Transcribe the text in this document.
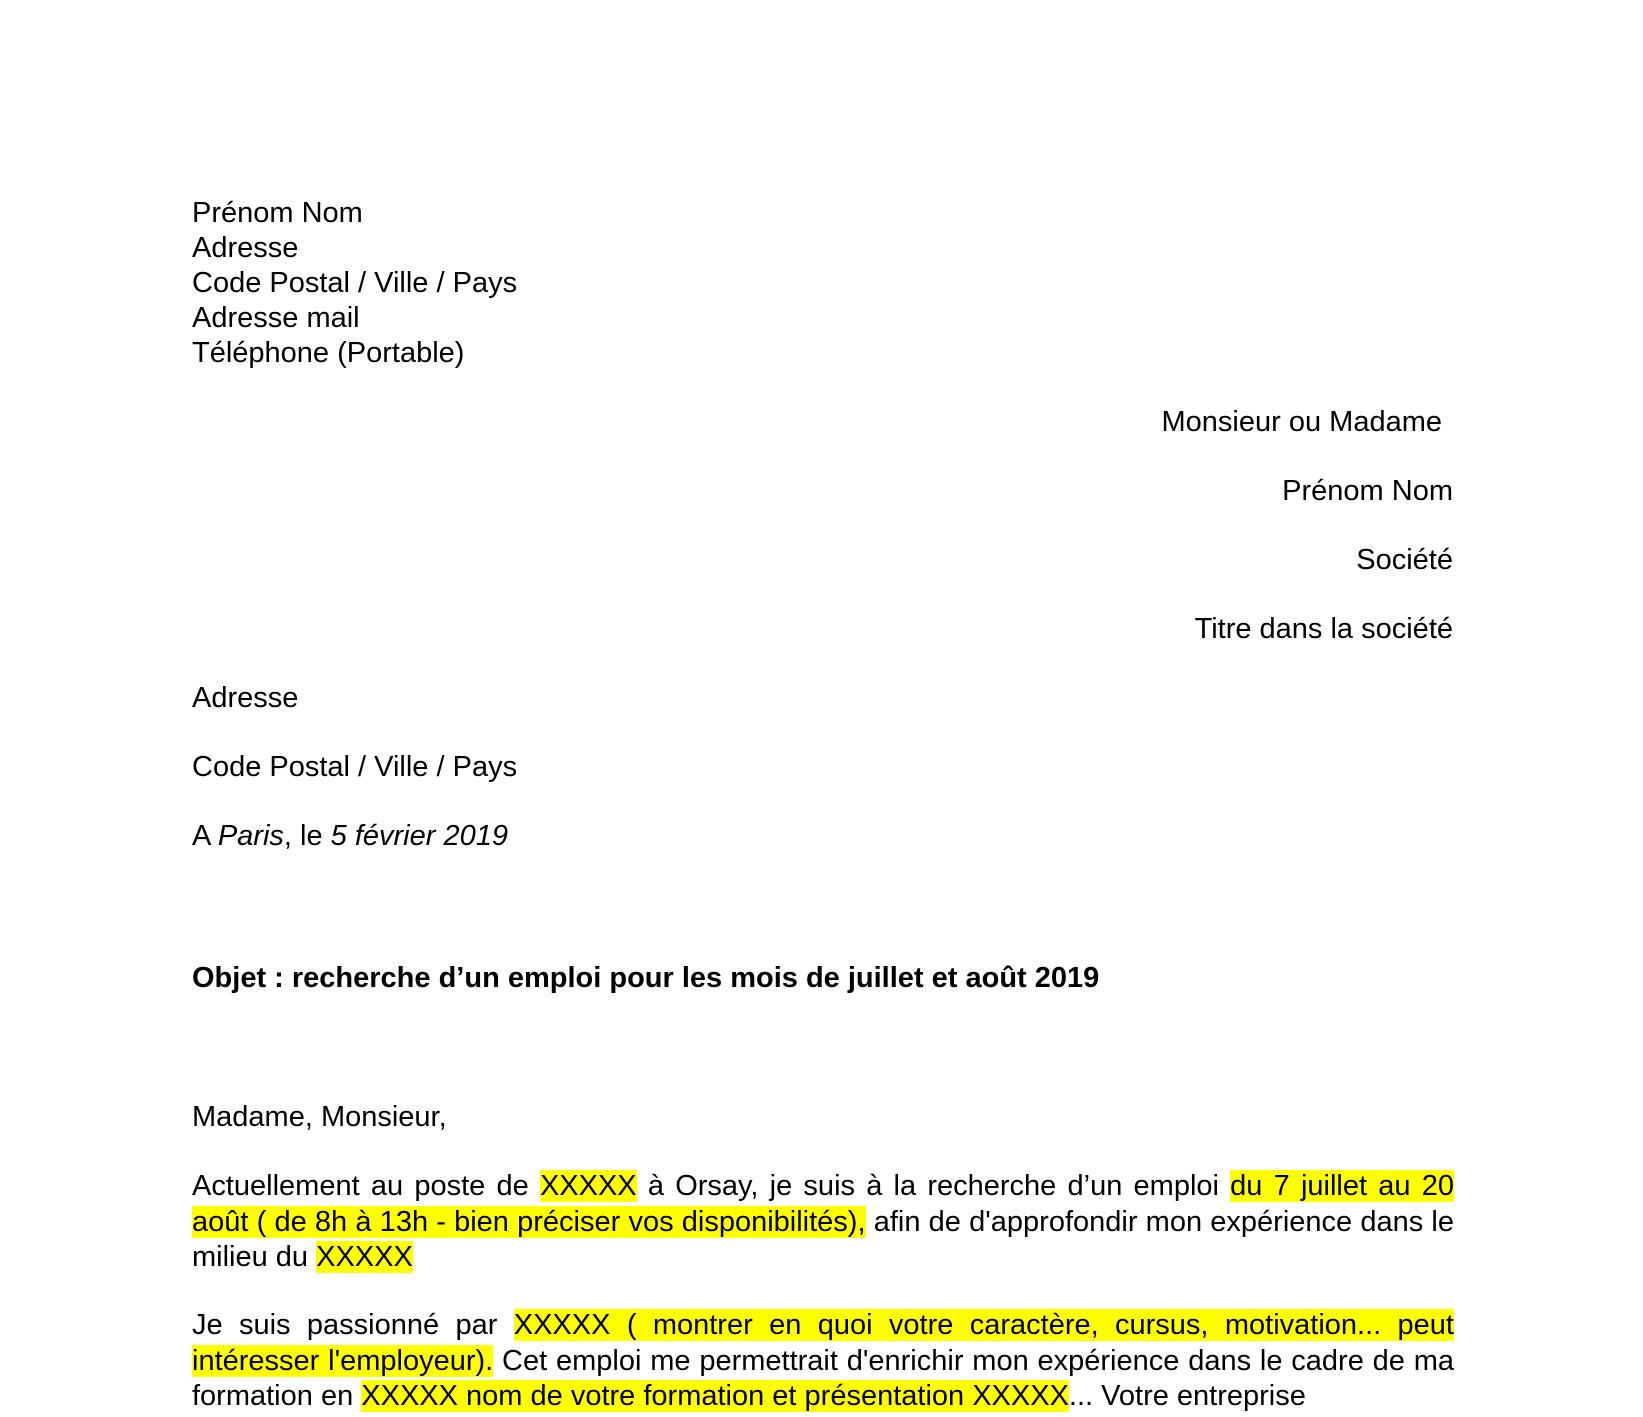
Prénom Nom
Adresse
Code Postal / Ville / Pays
Adresse mail
Téléphone (Portable)
Monsieur ou Madame
Prénom Nom
Société
Titre dans la société
Adresse
Code Postal / Ville / Pays
A Paris, le 5 février 2019
Objet : recherche d’un emploi pour les mois de juillet et août 2019
Madame, Monsieur,
Actuellement au poste de XXXXX à Orsay, je suis à la recherche d’un emploi du 7 juillet au 20 août ( de 8h à 13h - bien préciser vos disponibilités), afin de d'approfondir mon expérience dans le milieu du XXXXX
Je suis passionné par XXXXX ( montrer en quoi votre caractère, cursus, motivation... peut intéresser l'employeur). Cet emploi me permettrait d'enrichir mon expérience dans le cadre de ma formation en XXXXX nom de votre formation et présentation XXXXX... Votre entreprise
